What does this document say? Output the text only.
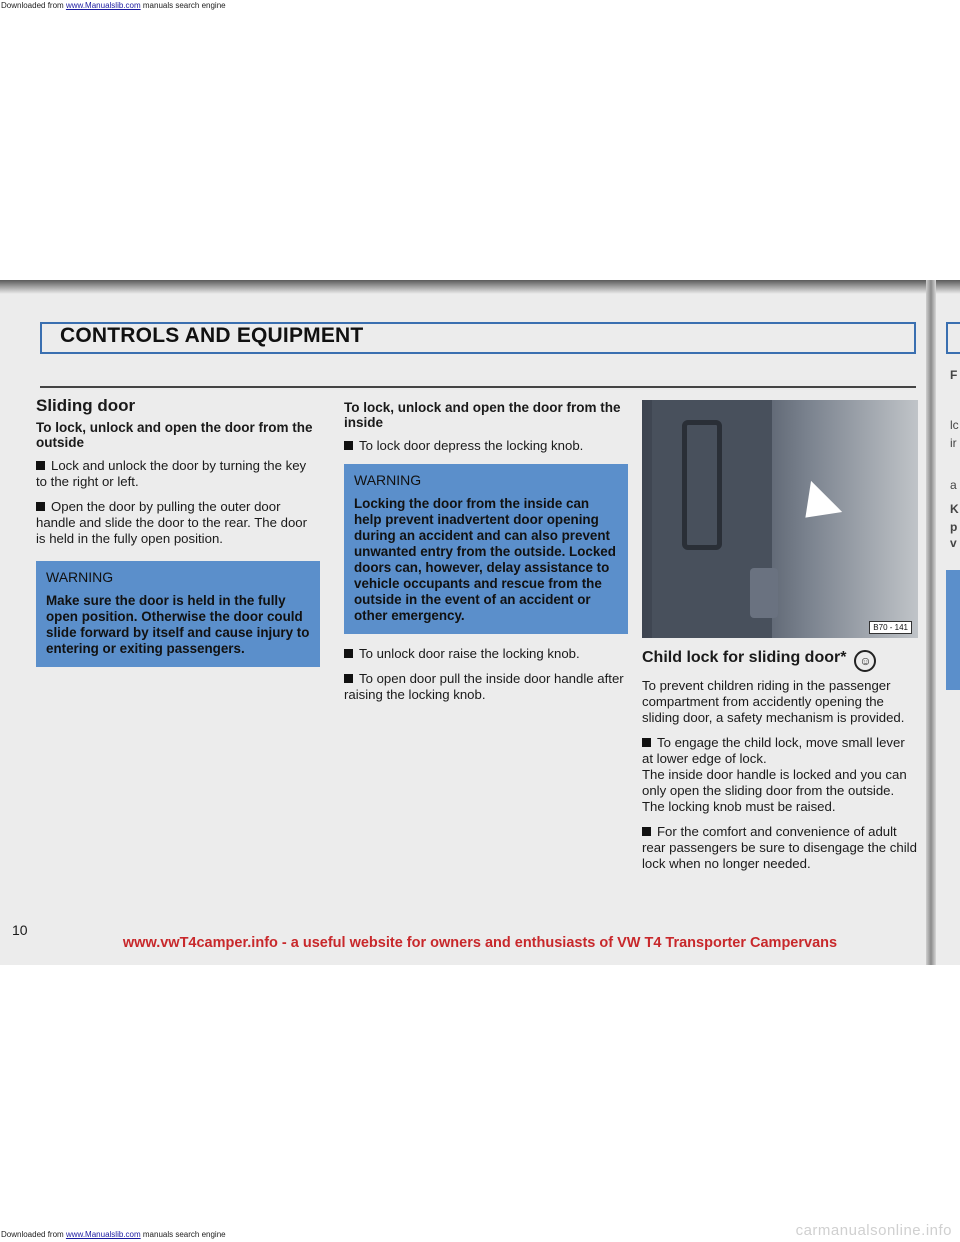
Downloaded from www.Manualslib.com manuals search engine
CONTROLS AND EQUIPMENT
Sliding door
To lock, unlock and open the door from the outside

Lock and unlock the door by turning the key to the right or left.

Open the door by pulling the outer door handle and slide the door to the rear. The door is held in the fully open position.

WARNING
Make sure the door is held in the fully open position. Otherwise the door could slide forward by itself and cause injury to entering or exiting passengers.
To lock, unlock and open the door from the inside

To lock door depress the locking knob.

WARNING
Locking the door from the inside can help prevent inadvertent door opening during an accident and can also prevent unwanted entry from the outside. Locked doors can, however, delay assistance to vehicle occupants and rescue from the outside in the event of an accident or other emergency.

To unlock door raise the locking knob.

To open door pull the inside door handle after raising the locking knob.

B70 - 141
Child lock for sliding door* ☺

To prevent children riding in the passenger compartment from accidently opening the sliding door, a safety mechanism is provided.

To engage the child lock, move small lever at lower edge of lock.

The inside door handle is locked and you can only open the sliding door from the outside. The locking knob must be raised.

For the comfort and convenience of adult rear passengers be sure to disengage the child lock when no longer needed.

F
lc
ir
a
K
p
v
10
www.vwT4camper.info - a useful website for owners and enthusiasts of VW T4 Transporter Campervans
Downloaded from www.Manualslib.com manuals search engine	carmanualsonline.info
